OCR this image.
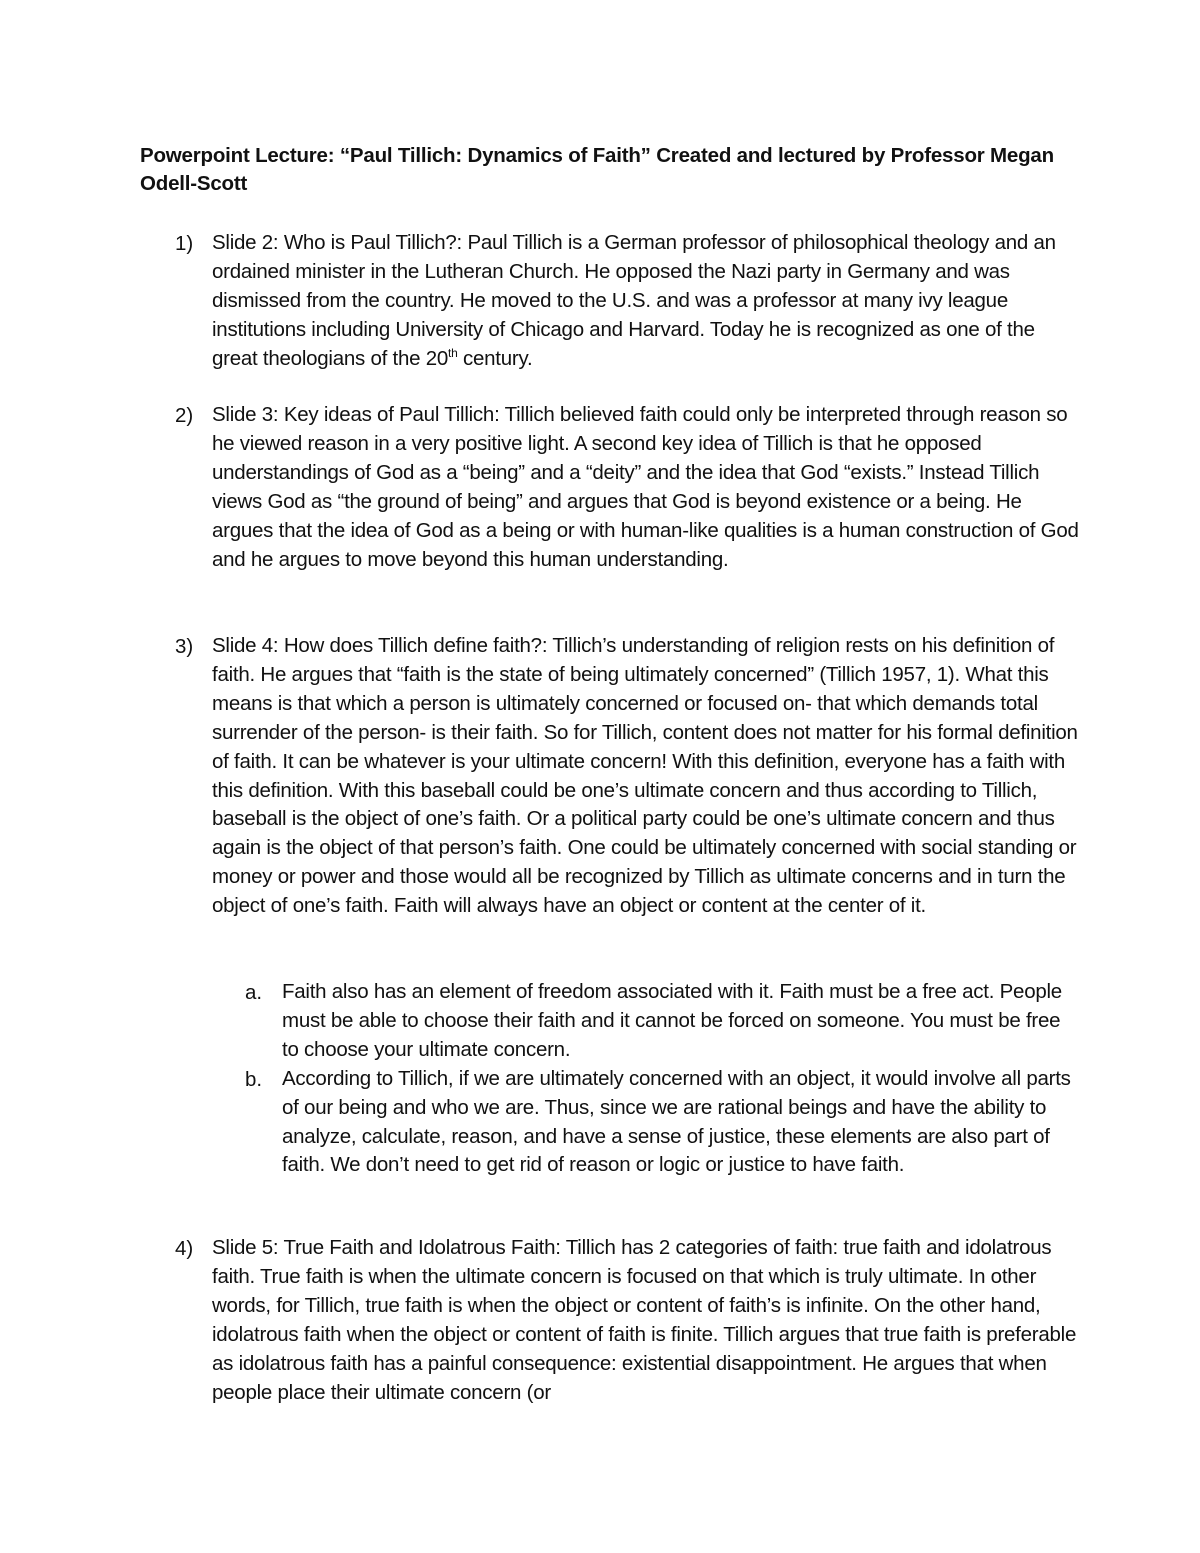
Powerpoint Lecture: “Paul Tillich: Dynamics of Faith” Created and lectured by Professor Megan Odell-Scott
1) Slide 2: Who is Paul Tillich?: Paul Tillich is a German professor of philosophical theology and an ordained minister in the Lutheran Church. He opposed the Nazi party in Germany and was dismissed from the country. He moved to the U.S. and was a professor at many ivy league institutions including University of Chicago and Harvard. Today he is recognized as one of the great theologians of the 20th century.
2) Slide 3: Key ideas of Paul Tillich: Tillich believed faith could only be interpreted through reason so he viewed reason in a very positive light. A second key idea of Tillich is that he opposed understandings of God as a “being” and a “deity” and the idea that God “exists.” Instead Tillich views God as “the ground of being” and argues that God is beyond existence or a being. He argues that the idea of God as a being or with human-like qualities is a human construction of God and he argues to move beyond this human understanding.
3) Slide 4: How does Tillich define faith?: Tillich’s understanding of religion rests on his definition of faith. He argues that “faith is the state of being ultimately concerned” (Tillich 1957, 1). What this means is that which a person is ultimately concerned or focused on- that which demands total surrender of the person- is their faith. So for Tillich, content does not matter for his formal definition of faith. It can be whatever is your ultimate concern! With this definition, everyone has a faith with this definition. With this baseball could be one’s ultimate concern and thus according to Tillich, baseball is the object of one’s faith. Or a political party could be one’s ultimate concern and thus again is the object of that person’s faith. One could be ultimately concerned with social standing or money or power and those would all be recognized by Tillich as ultimate concerns and in turn the object of one’s faith. Faith will always have an object or content at the center of it.
a. Faith also has an element of freedom associated with it. Faith must be a free act. People must be able to choose their faith and it cannot be forced on someone. You must be free to choose your ultimate concern.
b. According to Tillich, if we are ultimately concerned with an object, it would involve all parts of our being and who we are. Thus, since we are rational beings and have the ability to analyze, calculate, reason, and have a sense of justice, these elements are also part of faith. We don’t need to get rid of reason or logic or justice to have faith.
4) Slide 5: True Faith and Idolatrous Faith: Tillich has 2 categories of faith: true faith and idolatrous faith. True faith is when the ultimate concern is focused on that which is truly ultimate. In other words, for Tillich, true faith is when the object or content of faith’s is infinite. On the other hand, idolatrous faith when the object or content of faith is finite. Tillich argues that true faith is preferable as idolatrous faith has a painful consequence: existential disappointment. He argues that when people place their ultimate concern (or
